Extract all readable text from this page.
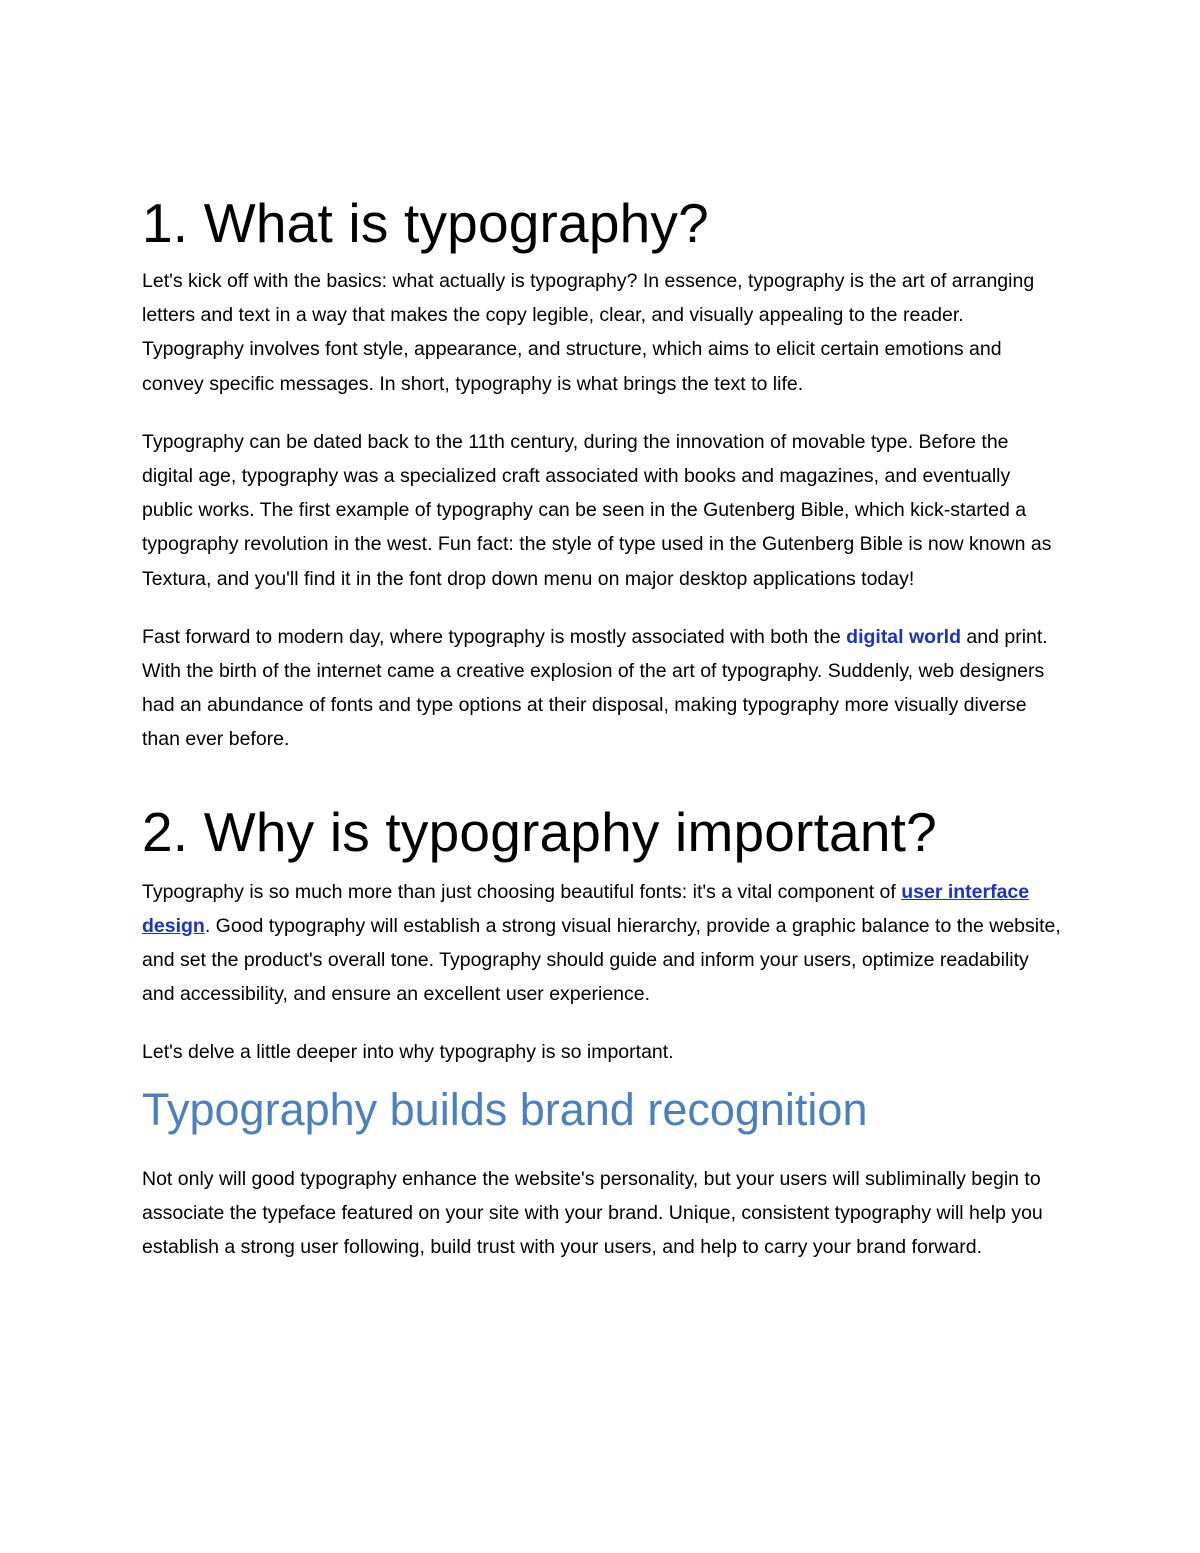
1. What is typography?

Let's kick off with the basics: what actually is typography? In essence, typography is the art of arranging letters and text in a way that makes the copy legible, clear, and visually appealing to the reader. Typography involves font style, appearance, and structure, which aims to elicit certain emotions and convey specific messages. In short, typography is what brings the text to life.

Typography can be dated back to the 11th century, during the innovation of movable type. Before the digital age, typography was a specialized craft associated with books and magazines, and eventually public works. The first example of typography can be seen in the Gutenberg Bible, which kick-started a typography revolution in the west. Fun fact: the style of type used in the Gutenberg Bible is now known as Textura, and you'll find it in the font drop down menu on major desktop applications today!

Fast forward to modern day, where typography is mostly associated with both the digital world and print. With the birth of the internet came a creative explosion of the art of typography. Suddenly, web designers had an abundance of fonts and type options at their disposal, making typography more visually diverse than ever before.

2. Why is typography important?

Typography is so much more than just choosing beautiful fonts: it's a vital component of user interface design. Good typography will establish a strong visual hierarchy, provide a graphic balance to the website, and set the product's overall tone. Typography should guide and inform your users, optimize readability and accessibility, and ensure an excellent user experience.

Let's delve a little deeper into why typography is so important.

Typography builds brand recognition

Not only will good typography enhance the website's personality, but your users will subliminally begin to associate the typeface featured on your site with your brand. Unique, consistent typography will help you establish a strong user following, build trust with your users, and help to carry your brand forward.
